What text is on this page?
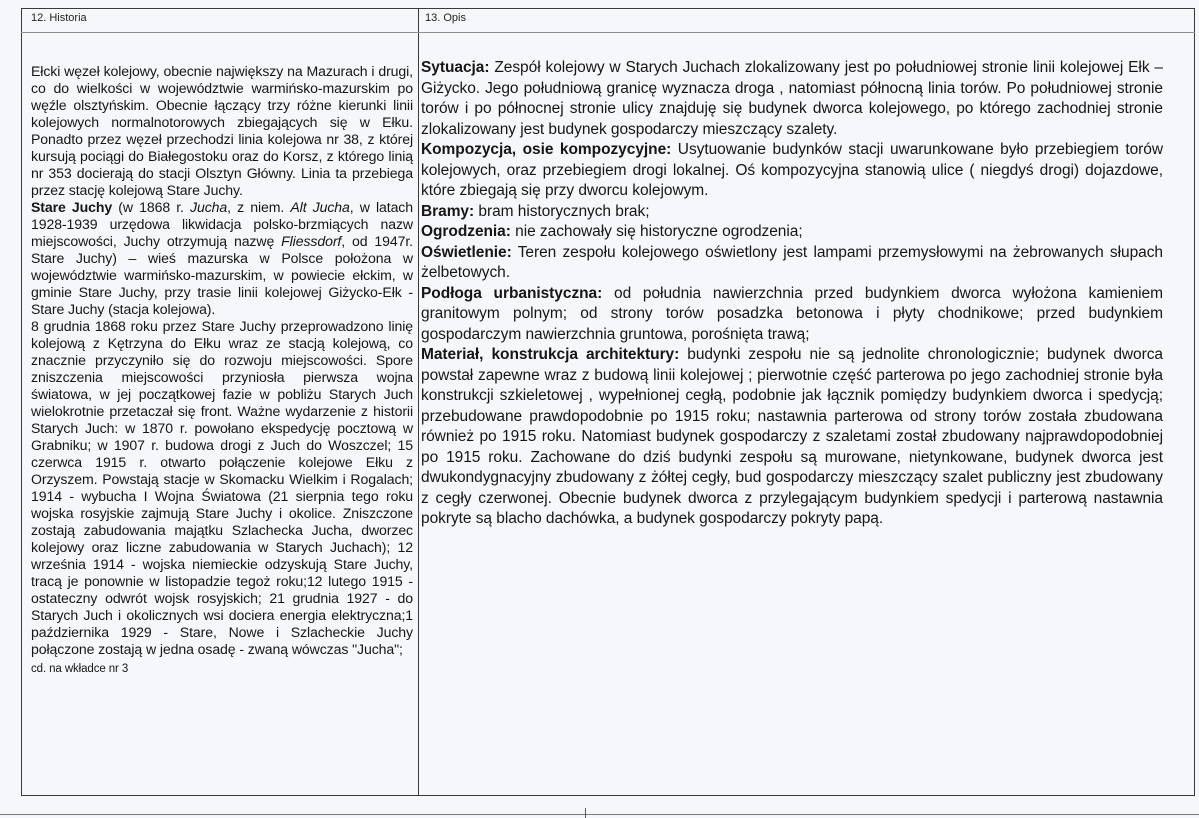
12. Historia	13. Opis

Ełcki węzeł kolejowy, obecnie największy na Mazurach i drugi, co do wielkości w województwie warmińsko-mazurskim po węźle olsztyńskim. Obecnie łączący trzy różne kierunki linii kolejowych normalnotorowych zbiegających się w Ełku. Ponadto przez węzeł przechodzi linia kolejowa nr 38, z której kursują pociągi do Białegostoku oraz do Korsz, z którego linią nr 353 docierają do stacji Olsztyn Główny. Linia ta przebiega przez stację kolejową Stare Juchy.

Stare Juchy (w 1868 r. Jucha, z niem. Alt Jucha, w latach 1928-1939 urzędowa likwidacja polsko-brzmiących nazw miejscowości, Juchy otrzymują nazwę Fliessdorf, od 1947r. Stare Juchy) – wieś mazurska w Polsce położona w województwie warmińsko-mazurskim, w powiecie ełckim, w gminie Stare Juchy, przy trasie linii kolejowej Giżycko-Ełk - Stare Juchy (stacja kolejowa).

8 grudnia 1868 roku przez Stare Juchy przeprowadzono linię kolejową z Kętrzyna do Ełku wraz ze stacją kolejową, co znacznie przyczyniło się do rozwoju miejscowości. Spore zniszczenia miejscowości przyniosła pierwsza wojna światowa, w jej początkowej fazie w pobliżu Starych Juch wielokrotnie przetaczał się front. Ważne wydarzenie z historii Starych Juch: w 1870 r. powołano ekspedycję pocztową w Grabniku; w 1907 r. budowa drogi z Juch do Woszczel; 15 czerwca 1915 r. otwarto połączenie kolejowe Ełku z Orzyszem. Powstają stacje w Skomacku Wielkim i Rogalach; 1914 - wybucha I Wojna Światowa (21 sierpnia tego roku wojska rosyjskie zajmują Stare Juchy i okolice. Zniszczone zostają zabudowania majątku Szlachecka Jucha, dworzec kolejowy oraz liczne zabudowania w Starych Juchach); 12 września 1914 - wojska niemieckie odzyskują Stare Juchy, tracą je ponownie w listopadzie tegoż roku;12 lutego 1915 - ostateczny odwrót wojsk rosyjskich; 21 grudnia 1927 - do Starych Juch i okolicznych wsi dociera energia elektryczna;1 października 1929 - Stare, Nowe i Szlacheckie Juchy połączone zostają w jedna osadę - zwaną wówczas "Jucha";

cd. na wkładce nr 3

Sytuacja: Zespół kolejowy w Starych Juchach zlokalizowany jest po południowej stronie linii kolejowej Ełk – Giżycko. Jego południową granicę wyznacza droga , natomiast północną linia torów. Po południowej stronie torów i po północnej stronie ulicy znajduję się budynek dworca kolejowego, po którego zachodniej stronie zlokalizowany jest budynek gospodarczy mieszczący szalety.

Kompozycja, osie kompozycyjne: Usytuowanie budynków stacji uwarunkowane było przebiegiem torów kolejowych, oraz przebiegiem drogi lokalnej. Oś kompozycyjna stanowią ulice ( niegdyś drogi) dojazdowe, które zbiegają się przy dworcu kolejowym.

Bramy: bram historycznych brak;

Ogrodzenia: nie zachowały się historyczne ogrodzenia;

Oświetlenie: Teren zespołu kolejowego oświetlony jest lampami przemysłowymi na żebrowanych słupach żelbetowych.

Podłoga urbanistyczna: od południa nawierzchnia przed budynkiem dworca wyłożona kamieniem granitowym polnym; od strony torów posadzka betonowa i płyty chodnikowe; przed budynkiem gospodarczym nawierzchnia gruntowa, porośnięta trawą;

Materiał, konstrukcja architektury: budynki zespołu nie są jednolite chronologicznie; budynek dworca powstał zapewne wraz z budową linii kolejowej ; pierwotnie część parterowa po jego zachodniej stronie była konstrukcji szkieletowej , wypełnionej cegłą, podobnie jak łącznik pomiędzy budynkiem dworca i spedycją; przebudowane prawdopodobnie po 1915 roku; nastawnia parterowa od strony torów została zbudowana również po 1915 roku. Natomiast budynek gospodarczy z szaletami został zbudowany najprawdopodobniej po 1915 roku. Zachowane do dziś budynki zespołu są murowane, nietynkowane, budynek dworca jest dwukondygnacyjny zbudowany z żółtej cegły, bud gospodarczy mieszczący szalet publiczny jest zbudowany z cegły czerwonej. Obecnie budynek dworca z przylegającym budynkiem spedycji i parterową nastawnia pokryte są blacho dachówka, a budynek gospodarczy pokryty papą.
